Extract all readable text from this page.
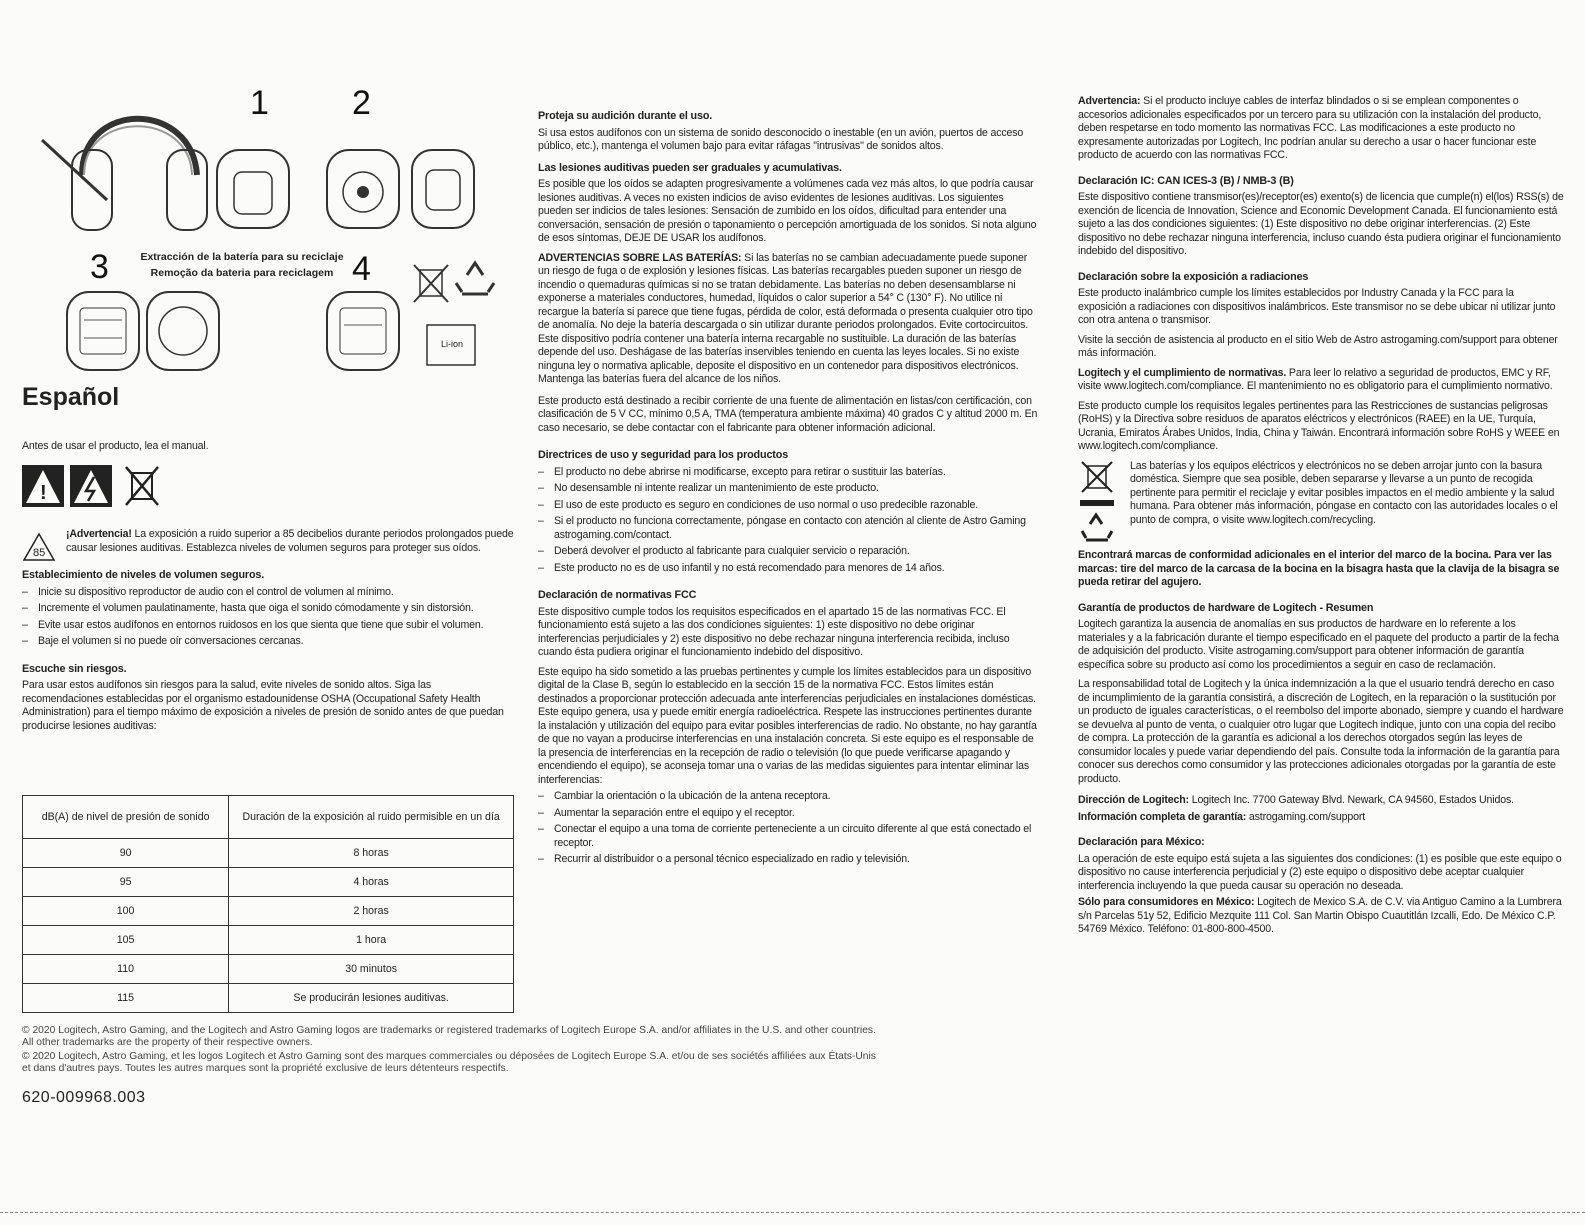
1 2
3	4
Extracción de la batería para su reciclaje
Remoção da bateria para reciclagem
Li-ion
Español

Antes de usar el producto, lea el manual.

!
85

¡Advertencia! La exposición a ruido superior a 85 decibelios durante periodos prolongados puede causar lesiones auditivas. Establezca niveles de volumen seguros para proteger sus oídos.

Establecimiento de niveles de volumen seguros.

– Inicie su dispositivo reproductor de audio con el control de volumen al mínimo.
– Incremente el volumen paulatinamente, hasta que oiga el sonido cómodamente y sin distorsión.
– Evite usar estos audífonos en entornos ruidosos en los que sienta que tiene que subir el volumen.
– Baje el volumen si no puede oír conversaciones cercanas.

Escuche sin riesgos.

Para usar estos audífonos sin riesgos para la salud, evite niveles de sonido altos. Siga las recomendaciones establecidas por el organismo estadounidense OSHA (Occupational Safety Health Administration) para el tiempo máximo de exposición a niveles de presión de sonido antes de que puedan producirse lesiones auditivas:

dB(A) de nivel de presión de sonido	Duración de la exposición al ruido permisible en un día
90	8 horas
95	4 horas
100	2 horas
105	1 hora
110	30 minutos
115	Se producirán lesiones auditivas.

Proteja su audición durante el uso.

Si usa estos audífonos con un sistema de sonido desconocido o inestable (en un avión, puertos de acceso público, etc.), mantenga el volumen bajo para evitar ráfagas "intrusivas" de sonidos altos.

Las lesiones auditivas pueden ser graduales y acumulativas.

Es posible que los oídos se adapten progresivamente a volúmenes cada vez más altos, lo que podría causar lesiones auditivas. A veces no existen indicios de aviso evidentes de lesiones auditivas. Los siguientes pueden ser indicios de tales lesiones: Sensación de zumbido en los oídos, dificultad para entender una conversación, sensación de presión o taponamiento o percepción amortiguada de los sonidos. Si nota alguno de esos síntomas, DEJE DE USAR los audífonos.

ADVERTENCIAS SOBRE LAS BATERÍAS: Si las baterías no se cambian adecuadamente puede suponer un riesgo de fuga o de explosión y lesiones físicas. Las baterías recargables pueden suponer un riesgo de incendio o quemaduras químicas si no se tratan debidamente. Las baterías no deben desensamblarse ni exponerse a materiales conductores, humedad, líquidos o calor superior a 54° C (130° F). No utilice ni recargue la batería si parece que tiene fugas, pérdida de color, está deformada o presenta cualquier otro tipo de anomalía. No deje la batería descargada o sin utilizar durante periodos prolongados. Evite cortocircuitos. Este dispositivo podría contener una batería interna recargable no sustituible. La duración de las baterías depende del uso. Deshágase de las baterías inservibles teniendo en cuenta las leyes locales. Si no existe ninguna ley o normativa aplicable, deposite el dispositivo en un contenedor para dispositivos electrónicos. Mantenga las baterías fuera del alcance de los niños.

Este producto está destinado a recibir corriente de una fuente de alimentación en listas/con certificación, con clasificación de 5 V CC, mínimo 0,5 A, TMA (temperatura ambiente máxima) 40 grados C y altitud 2000 m. En caso necesario, se debe contactar con el fabricante para obtener información adicional.

Directrices de uso y seguridad para los productos

– El producto no debe abrirse ni modificarse, excepto para retirar o sustituir las baterías.
– No desensamble ni intente realizar un mantenimiento de este producto.
– El uso de este producto es seguro en condiciones de uso normal o uso predecible razonable.
– Si el producto no funciona correctamente, póngase en contacto con atención al cliente de Astro Gaming astrogaming.com/contact.
– Deberá devolver el producto al fabricante para cualquier servicio o reparación.
– Este producto no es de uso infantil y no está recomendado para menores de 14 años.

Declaración de normativas FCC

Este dispositivo cumple todos los requisitos especificados en el apartado 15 de las normativas FCC. El funcionamiento está sujeto a las dos condiciones siguientes: 1) este dispositivo no debe originar interferencias perjudiciales y 2) este dispositivo no debe rechazar ninguna interferencia recibida, incluso cuando ésta pudiera originar el funcionamiento indebido del dispositivo.

Este equipo ha sido sometido a las pruebas pertinentes y cumple los límites establecidos para un dispositivo digital de la Clase B, según lo establecido en la sección 15 de la normativa FCC. Estos límites están destinados a proporcionar protección adecuada ante interferencias perjudiciales en instalaciones domésticas. Este equipo genera, usa y puede emitir energía radioeléctrica. Respete las instrucciones pertinentes durante la instalación y utilización del equipo para evitar posibles interferencias de radio. No obstante, no hay garantía de que no vayan a producirse interferencias en una instalación concreta. Si este equipo es el responsable de la presencia de interferencias en la recepción de radio o televisión (lo que puede verificarse apagando y encendiendo el equipo), se aconseja tomar una o varias de las medidas siguientes para intentar eliminar las interferencias:

– Cambiar la orientación o la ubicación de la antena receptora.
– Aumentar la separación entre el equipo y el receptor.
– Conectar el equipo a una toma de corriente perteneciente a un circuito diferente al que está conectado el receptor.
– Recurrir al distribuidor o a personal técnico especializado en radio y televisión.

Advertencia: Si el producto incluye cables de interfaz blindados o si se emplean componentes o accesorios adicionales especificados por un tercero para su utilización con la instalación del producto, deben respetarse en todo momento las normativas FCC. Las modificaciones a este producto no expresamente autorizadas por Logitech, Inc podrían anular su derecho a usar o hacer funcionar este producto de acuerdo con las normativas FCC.

Declaración IC: CAN ICES-3 (B) / NMB-3 (B)

Este dispositivo contiene transmisor(es)/receptor(es) exento(s) de licencia que cumple(n) el(los) RSS(s) de exención de licencia de Innovation, Science and Economic Development Canada. El funcionamiento está sujeto a las dos condiciones siguientes: (1) Este dispositivo no debe originar interferencias. (2) Este dispositivo no debe rechazar ninguna interferencia, incluso cuando ésta pudiera originar el funcionamiento indebido del dispositivo.

Declaración sobre la exposición a radiaciones

Este producto inalámbrico cumple los límites establecidos por Industry Canada y la FCC para la exposición a radiaciones con dispositivos inalámbricos. Este transmisor no se debe ubicar ni utilizar junto con otra antena o transmisor.

Visite la sección de asistencia al producto en el sitio Web de Astro astrogaming.com/support para obtener más información.

Logitech y el cumplimiento de normativas. Para leer lo relativo a seguridad de productos, EMC y RF, visite www.logitech.com/compliance. El mantenimiento no es obligatorio para el cumplimiento normativo.

Este producto cumple los requisitos legales pertinentes para las Restricciones de sustancias peligrosas (RoHS) y la Directiva sobre residuos de aparatos eléctricos y electrónicos (RAEE) en la UE, Turquía, Ucrania, Emiratos Árabes Unidos, India, China y Taiwán. Encontrará información sobre RoHS y WEEE en www.logitech.com/compliance.

Las baterías y los equipos eléctricos y electrónicos no se deben arrojar junto con la basura doméstica. Siempre que sea posible, deben separarse y llevarse a un punto de recogida pertinente para permitir el reciclaje y evitar posibles impactos en el medio ambiente y la salud humana. Para obtener más información, póngase en contacto con las autoridades locales o el punto de compra, o visite www.logitech.com/recycling.

Encontrará marcas de conformidad adicionales en el interior del marco de la bocina. Para ver las marcas: tire del marco de la carcasa de la bocina en la bisagra hasta que la clavija de la bisagra se pueda retirar del agujero.

Garantía de productos de hardware de Logitech - Resumen

Logitech garantiza la ausencia de anomalías en sus productos de hardware en lo referente a los materiales y a la fabricación durante el tiempo especificado en el paquete del producto a partir de la fecha de adquisición del producto. Visite astrogaming.com/support para obtener información de garantía específica sobre su producto así como los procedimientos a seguir en caso de reclamación.

La responsabilidad total de Logitech y la única indemnización a la que el usuario tendrá derecho en caso de incumplimiento de la garantía consistirá, a discreción de Logitech, en la reparación o la sustitución por un producto de iguales características, o el reembolso del importe abonado, siempre y cuando el hardware se devuelva al punto de venta, o cualquier otro lugar que Logitech indique, junto con una copia del recibo de compra. La protección de la garantía es adicional a los derechos otorgados según las leyes de consumidor locales y puede variar dependiendo del país. Consulte toda la información de la garantía para conocer sus derechos como consumidor y las protecciones adicionales otorgadas por la garantía de este producto.

Dirección de Logitech: Logitech Inc. 7700 Gateway Blvd. Newark, CA 94560, Estados Unidos.

Información completa de garantía: astrogaming.com/support

Declaración para México:

La operación de este equipo está sujeta a las siguientes dos condiciones: (1) es posible que este equipo o dispositivo no cause interferencia perjudicial y (2) este equipo o dispositivo debe aceptar cualquier interferencia incluyendo la que pueda causar su operación no deseada.

Sólo para consumidores en México: Logitech de Mexico S.A. de C.V. via Antiguo Camino a la Lumbrera s/n Parcelas 51y 52, Edificio Mezquite 111 Col. San Martin Obispo Cuautitlán Izcalli, Edo. De México C.P. 54769 México. Teléfono: 01-800-800-4500.

© 2020 Logitech, Astro Gaming, and the Logitech and Astro Gaming logos are trademarks or registered trademarks of Logitech Europe S.A. and/or affiliates in the U.S. and other countries.
All other trademarks are the property of their respective owners.
© 2020 Logitech, Astro Gaming, et les logos Logitech et Astro Gaming sont des marques commerciales ou déposées de Logitech Europe S.A. et/ou de ses sociétés affiliées aux États-Unis
et dans d'autres pays. Toutes les autres marques sont la propriété exclusive de leurs détenteurs respectifs.
620-009968.003
